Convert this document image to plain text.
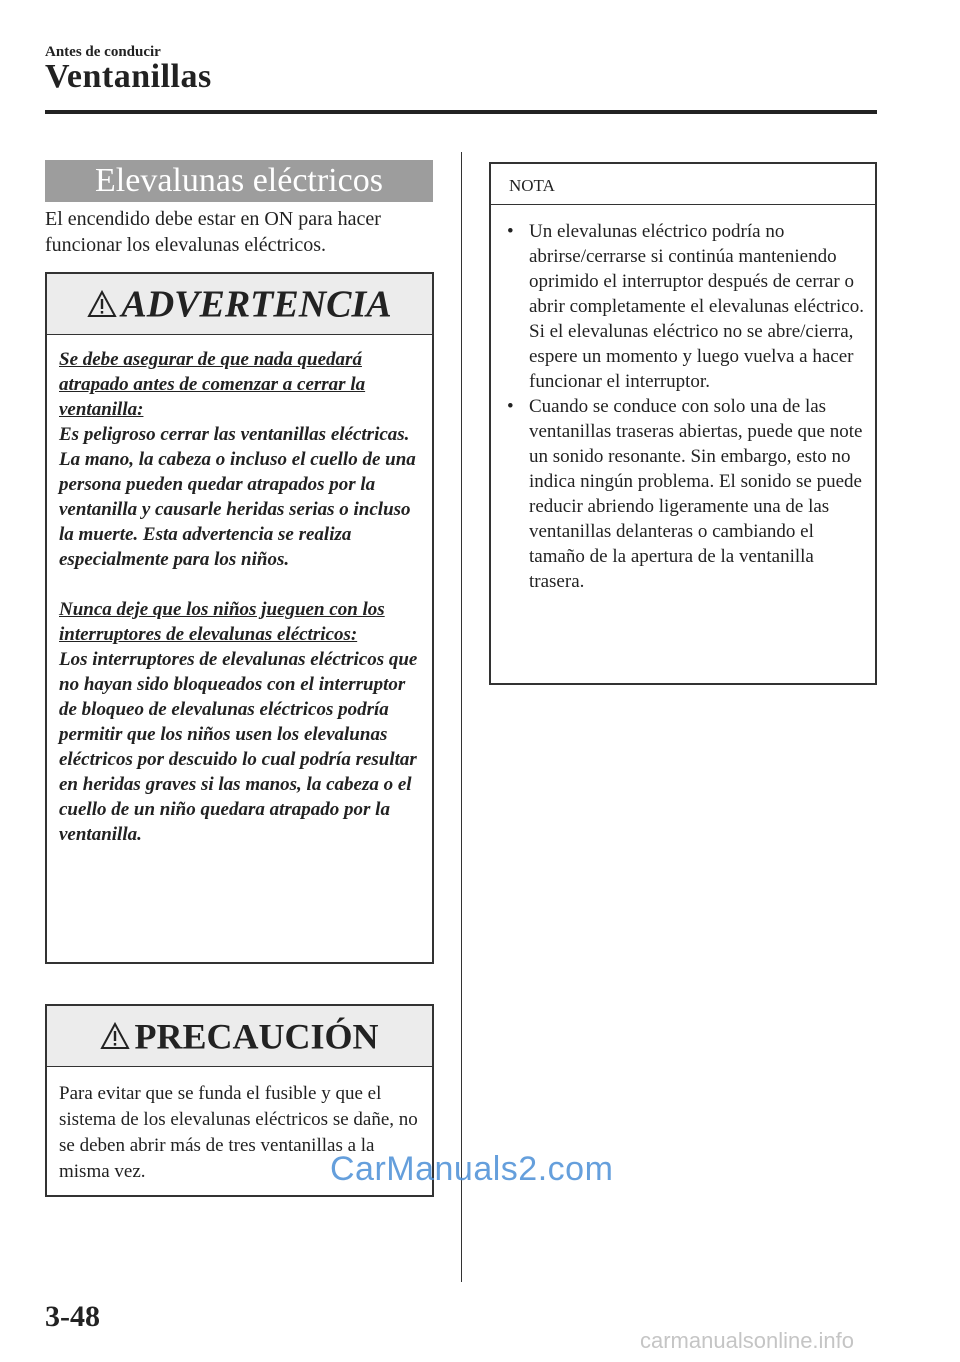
Antes de conducir
Ventanillas
Elevalunas eléctricos
El encendido debe estar en ON para hacer funcionar los elevalunas eléctricos.
ADVERTENCIA
Se debe asegurar de que nada quedará atrapado antes de comenzar a cerrar la ventanilla:
Es peligroso cerrar las ventanillas eléctricas. La mano, la cabeza o incluso el cuello de una persona pueden quedar atrapados por la ventanilla y causarle heridas serias o incluso la muerte. Esta advertencia se realiza especialmente para los niños.
Nunca deje que los niños jueguen con los interruptores de elevalunas eléctricos:
Los interruptores de elevalunas eléctricos que no hayan sido bloqueados con el interruptor de bloqueo de elevalunas eléctricos podría permitir que los niños usen los elevalunas eléctricos por descuido lo cual podría resultar en heridas graves si las manos, la cabeza o el cuello de un niño quedara atrapado por la ventanilla.
PRECAUCIÓN
Para evitar que se funda el fusible y que el sistema de los elevalunas eléctricos se dañe, no se deben abrir más de tres ventanillas a la misma vez.
NOTA
• Un elevalunas eléctrico podría no abrirse/cerrarse si continúa manteniendo oprimido el interruptor después de cerrar o abrir completamente el elevalunas eléctrico. Si el elevalunas eléctrico no se abre/cierra, espere un momento y luego vuelva a hacer funcionar el interruptor.
• Cuando se conduce con solo una de las ventanillas traseras abiertas, puede que note un sonido resonante. Sin embargo, esto no indica ningún problema. El sonido se puede reducir abriendo ligeramente una de las ventanillas delanteras o cambiando el tamaño de la apertura de la ventanilla trasera.
3-48
CarManuals2.com
carmanualsonline.info
